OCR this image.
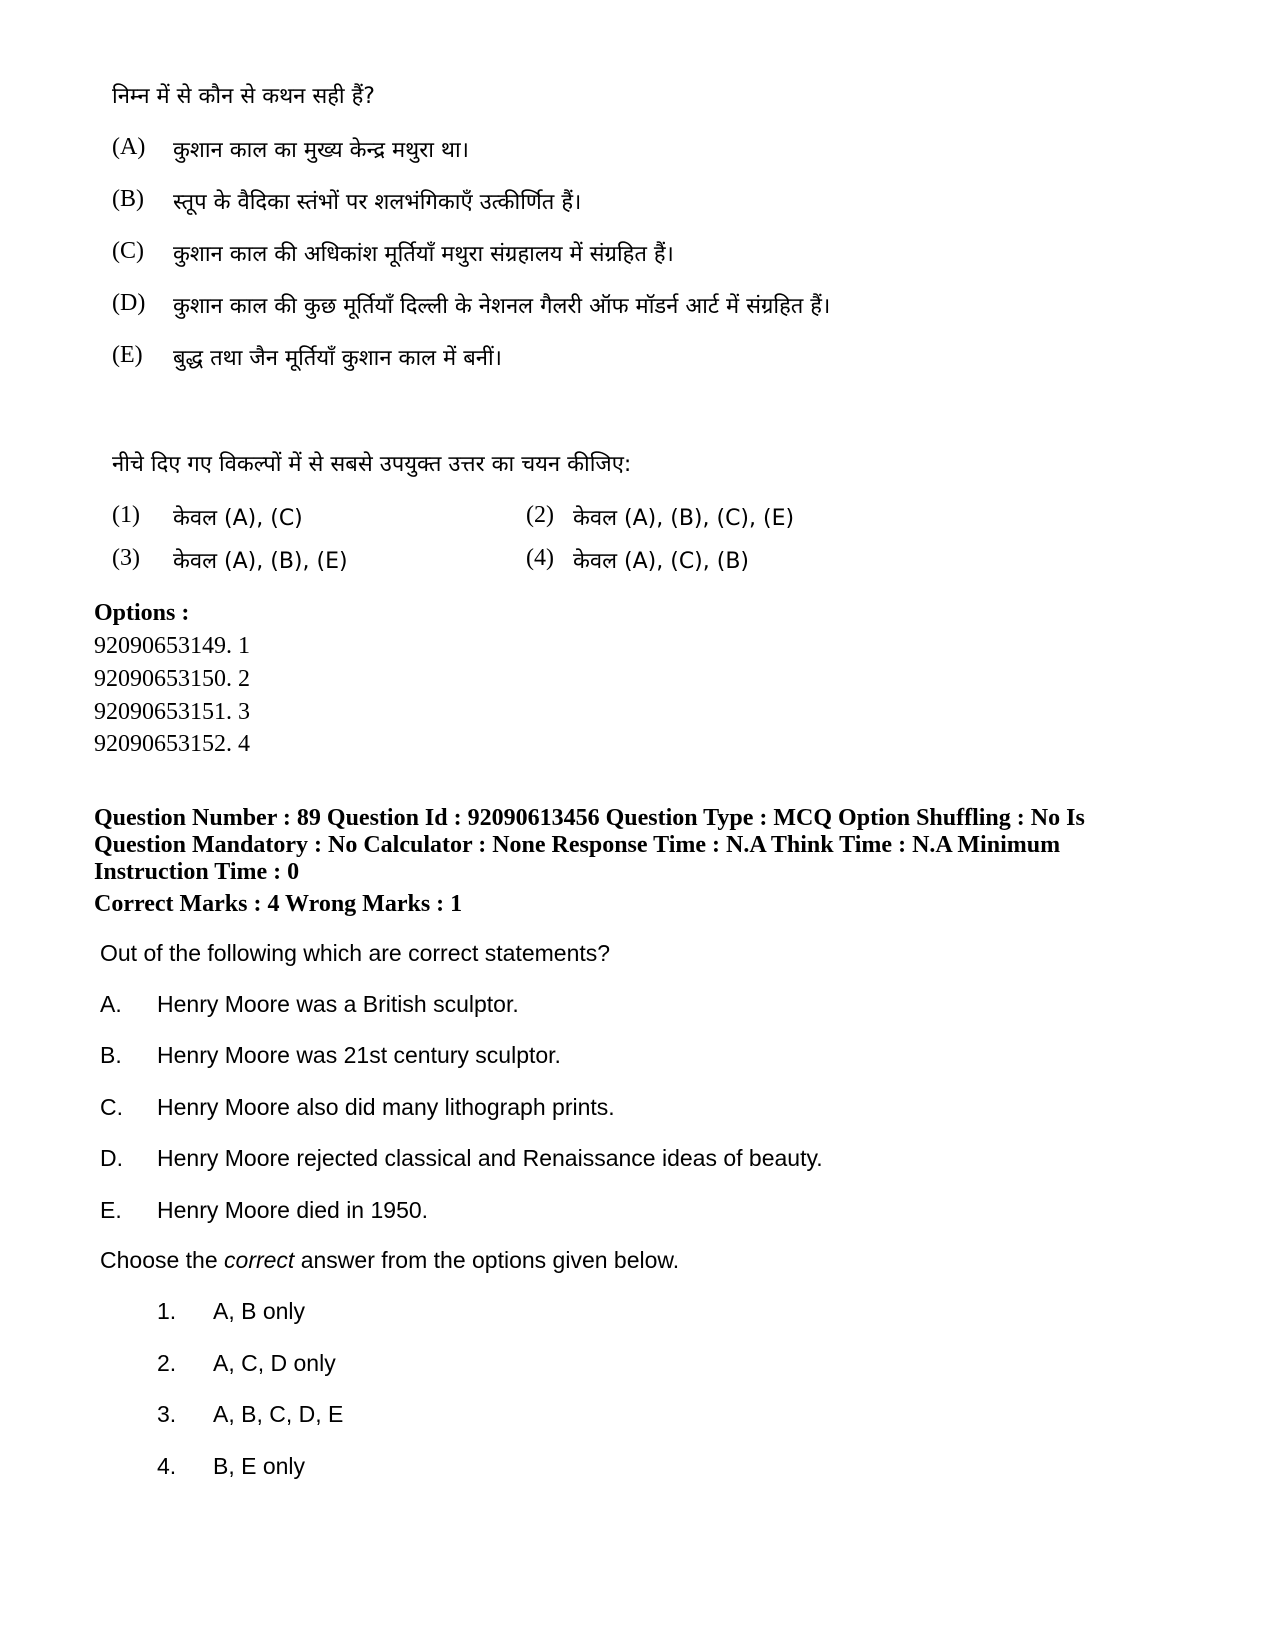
निम्न में से कौन से कथन सही हैं?
(A) कुशान काल का मुख्य केन्द्र मथुरा था।
(B) स्तूप के वैदिका स्तंभों पर शलभंगिकाएँ उत्कीर्णित हैं।
(C) कुशान काल की अधिकांश मूर्तियाँ मथुरा संग्रहालय में संग्रहित हैं।
(D) कुशान काल की कुछ मूर्तियाँ दिल्ली के नेशनल गैलरी ऑफ मॉडर्न आर्ट में संग्रहित हैं।
(E) बुद्ध तथा जैन मूर्तियाँ कुशान काल में बनीं।
नीचे दिए गए विकल्पों में से सबसे उपयुक्त उत्तर का चयन कीजिए:
(1) केवल (A), (C)	(2) केवल (A), (B), (C), (E)
(3) केवल (A), (B), (E)	(4) केवल (A), (C), (B)
Options :
92090653149. 1
92090653150. 2
92090653151. 3
92090653152. 4
Question Number : 89 Question Id : 92090613456 Question Type : MCQ Option Shuffling : No Is
Question Mandatory : No Calculator : None Response Time : N.A Think Time : N.A Minimum
Instruction Time : 0
Correct Marks : 4 Wrong Marks : 1
Out of the following which are correct statements?
A. Henry Moore was a British sculptor.
B. Henry Moore was 21st century sculptor.
C. Henry Moore also did many lithograph prints.
D. Henry Moore rejected classical and Renaissance ideas of beauty.
E. Henry Moore died in 1950.
Choose the correct answer from the options given below.
1. A, B only
2. A, C, D only
3. A, B, C, D, E
4. B, E only
